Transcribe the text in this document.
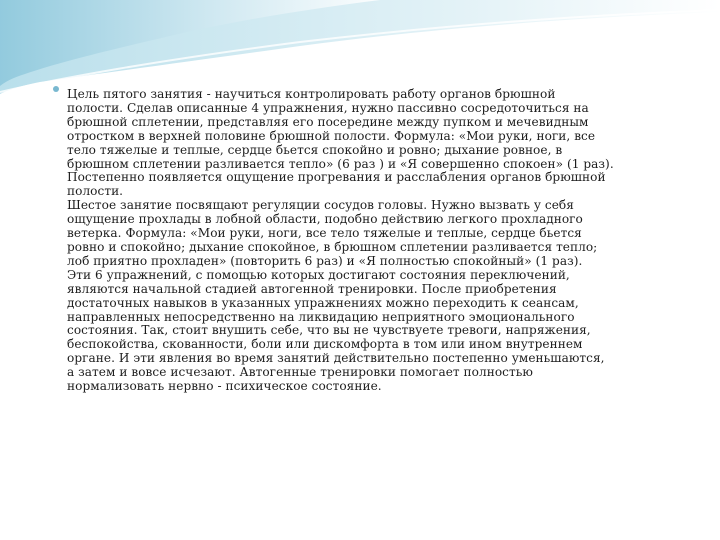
Цель пятого занятия - научиться контролировать работу органов брюшной
полости. Сделав описанные 4 упражнения, нужно пассивно сосредоточиться на
брюшной сплетении, представляя его посередине между пупком и мечевидным
отростком в верхней половине брюшной полости. Формула: «Мои руки, ноги, все
тело тяжелые и теплые, сердце бьется спокойно и ровно; дыхание ровное, в
брюшном сплетении разливается тепло» (6 раз ) и «Я совершенно спокоен» (1 раз).
Постепенно появляется ощущение прогревания и расслабления органов брюшной
полости.
Шестое занятие посвящают регуляции сосудов головы. Нужно вызвать у себя
ощущение прохлады в лобной области, подобно действию легкого прохладного
ветерка. Формула: «Мои руки, ноги, все тело тяжелые и теплые, сердце бьется
ровно и спокойно; дыхание спокойное, в брюшном сплетении разливается тепло;
лоб приятно прохладен» (повторить 6 раз) и «Я полностью спокойный» (1 раз).
Эти 6 упражнений, с помощью которых достигают состояния переключений,
являются начальной стадией автогенной тренировки. После приобретения
достаточных навыков в указанных упражнениях можно переходить к сеансам,
направленных непосредственно на ликвидацию неприятного эмоционального
состояния. Так, стоит внушить себе, что вы не чувствуете тревоги, напряжения,
беспокойства, скованности, боли или дискомфорта в том или ином внутреннем
органе. И эти явления во время занятий действительно постепенно уменьшаются,
а затем и вовсе исчезают. Автогенные тренировки помогает полностью
нормализовать нервно - психическое состояние.
